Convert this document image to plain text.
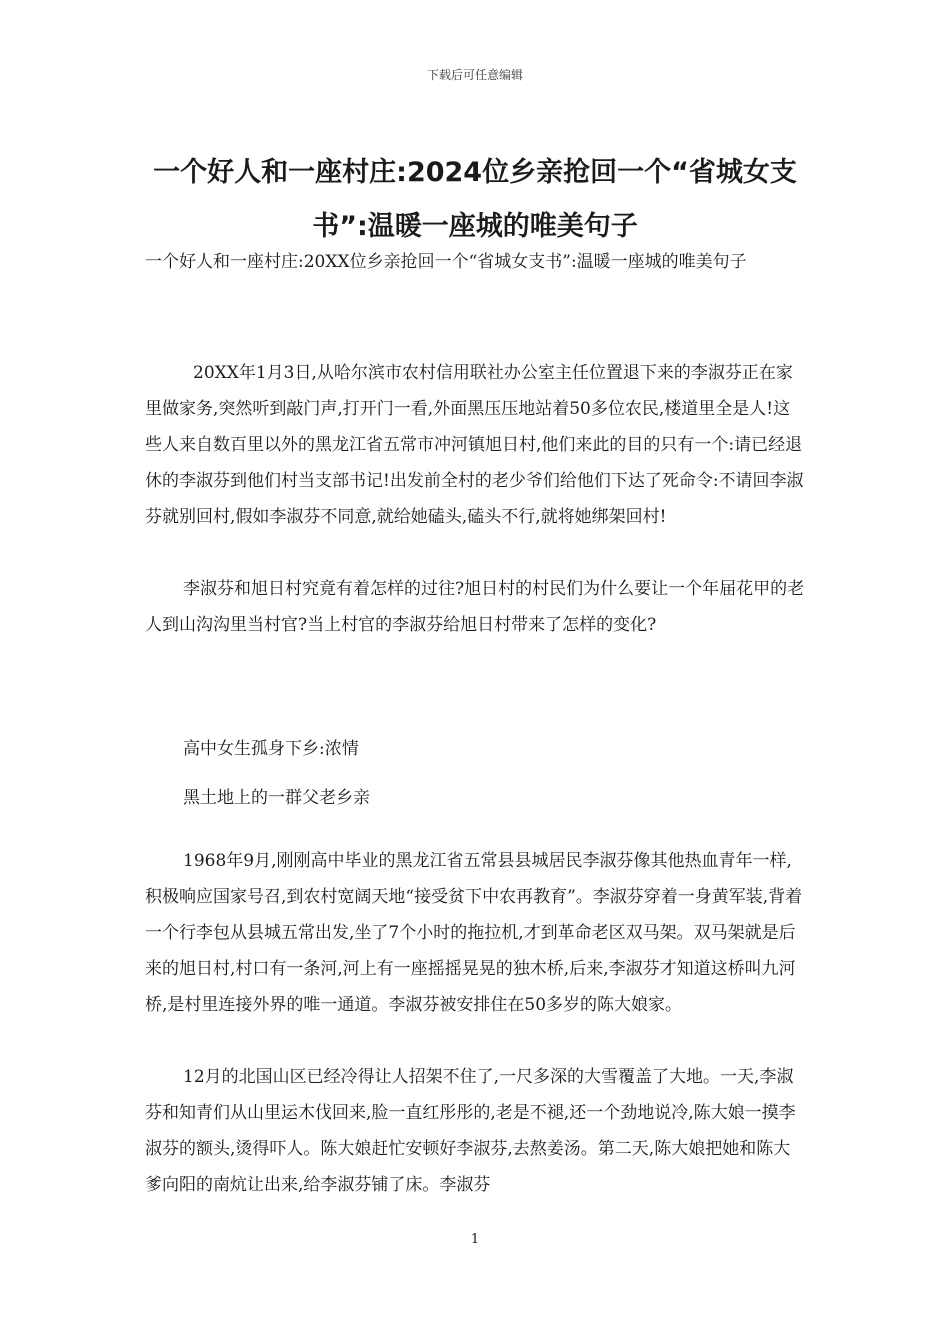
下载后可任意编辑
一个好人和一座村庄:2024位乡亲抢回一个“省城女支书”:温暖一座城的唯美句子

一个好人和一座村庄:20XX位乡亲抢回一个“省城女支书”:温暖一座城的唯美句子

20XX年1月3日,从哈尔滨市农村信用联社办公室主任位置退下来的李淑芬正在家里做家务,突然听到敲门声,打开门一看,外面黑压压地站着50多位农民,楼道里全是人!这些人来自数百里以外的黑龙江省五常市冲河镇旭日村,他们来此的目的只有一个:请已经退休的李淑芬到他们村当支部书记!出发前全村的老少爷们给他们下达了死命令:不请回李淑芬就别回村,假如李淑芬不同意,就给她磕头,磕头不行,就将她绑架回村!

李淑芬和旭日村究竟有着怎样的过往?旭日村的村民们为什么要让一个年届花甲的老人到山沟沟里当村官?当上村官的李淑芬给旭日村带来了怎样的变化?

高中女生孤身下乡:浓情

黑土地上的一群父老乡亲

1968年9月,刚刚高中毕业的黑龙江省五常县县城居民李淑芬像其他热血青年一样,积极响应国家号召,到农村宽阔天地“接受贫下中农再教育”。李淑芬穿着一身黄军装,背着一个行李包从县城五常出发,坐了7个小时的拖拉机,才到革命老区双马架。双马架就是后来的旭日村,村口有一条河,河上有一座摇摇晃晃的独木桥,后来,李淑芬才知道这桥叫九河桥,是村里连接外界的唯一通道。李淑芬被安排住在50多岁的陈大娘家。

12月的北国山区已经冷得让人招架不住了,一尺多深的大雪覆盖了大地。一天,李淑芬和知青们从山里运木伐回来,脸一直红彤彤的,老是不褪,还一个劲地说冷,陈大娘一摸李淑芬的额头,烫得吓人。陈大娘赶忙安顿好李淑芬,去熬姜汤。第二天,陈大娘把她和陈大爹向阳的南炕让出来,给李淑芬铺了床。李淑芬

1
